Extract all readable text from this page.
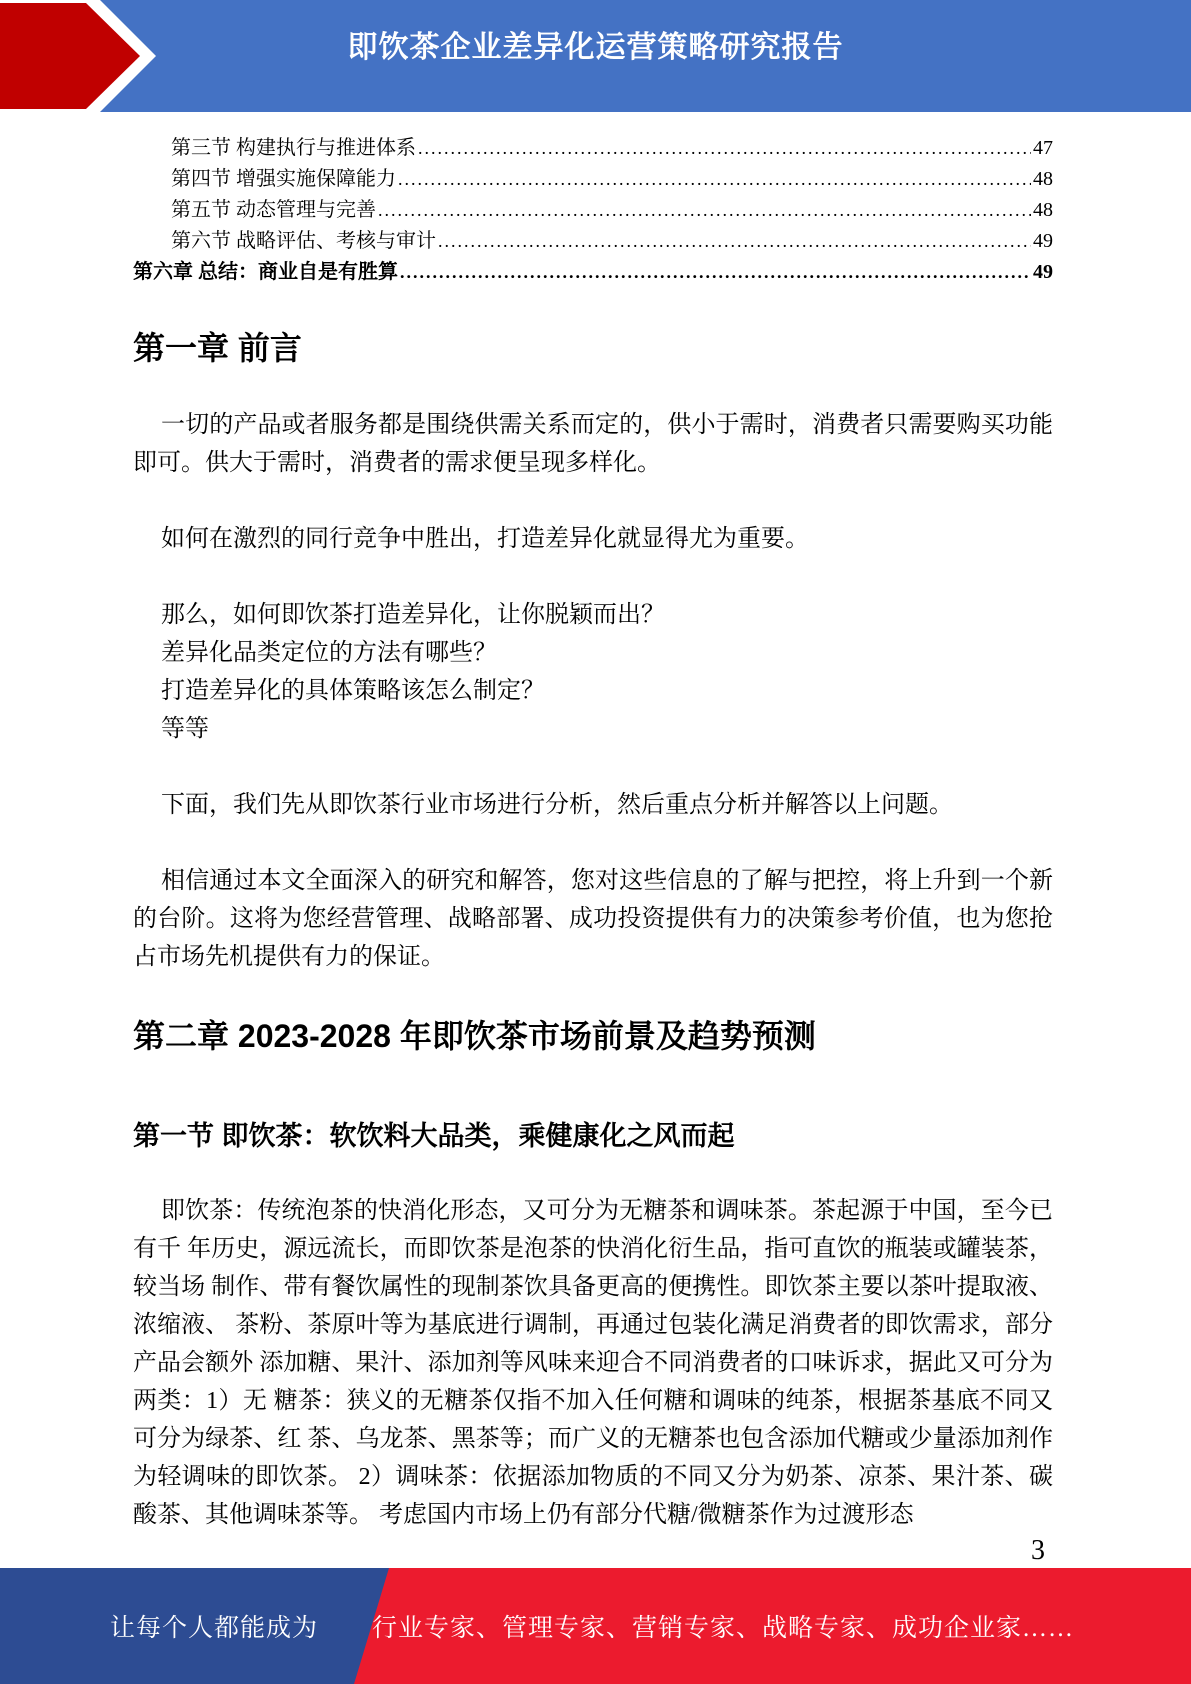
即饮茶企业差异化运营策略研究报告
第三节 构建执行与推进体系 .....	47
第四节 增强实施保障能力 .....	48
第五节 动态管理与完善 .....	48
第六节 战略评估、考核与审计 .....	49
第六章 总结：商业自是有胜算 .....	49
第一章 前言

一切的产品或者服务都是围绕供需关系而定的，供小于需时，消费者只需要购买功能即可。供大于需时，消费者的需求便呈现多样化。

如何在激烈的同行竞争中胜出，打造差异化就显得尤为重要。

那么，如何即饮茶打造差异化，让你脱颖而出？

差异化品类定位的方法有哪些？

打造差异化的具体策略该怎么制定？

等等

下面，我们先从即饮茶行业市场进行分析，然后重点分析并解答以上问题。

相信通过本文全面深入的研究和解答，您对这些信息的了解与把控，将上升到一个新的台阶。这将为您经营管理、战略部署、成功投资提供有力的决策参考价值，也为您抢占市场先机提供有力的保证。

第二章 2023-2028 年即饮茶市场前景及趋势预测
第一节 即饮茶：软饮料大品类，乘健康化之风而起

即饮茶：传统泡茶的快消化形态，又可分为无糖茶和调味茶。茶起源于中国，至今已有千 年历史，源远流长，而即饮茶是泡茶的快消化衍生品，指可直饮的瓶装或罐装茶，较当场 制作、带有餐饮属性的现制茶饮具备更高的便携性。即饮茶主要以茶叶提取液、浓缩液、 茶粉、茶原叶等为基底进行调制，再通过包装化满足消费者的即饮需求，部分产品会额外 添加糖、果汁、添加剂等风味来迎合不同消费者的口味诉求，据此又可分为两类：1）无 糖茶：狭义的无糖茶仅指不加入任何糖和调味的纯茶，根据茶基底不同又可分为绿茶、红 茶、乌龙茶、黑茶等；而广义的无糖茶也包含添加代糖或少量添加剂作为轻调味的即饮茶。 2）调味茶：依据添加物质的不同又分为奶茶、凉茶、果汁茶、碳酸茶、其他调味茶等。 考虑国内市场上仍有部分代糖/微糖茶作为过渡形态

3
让每个人都能成为 行业专家、管理专家、营销专家、战略专家、成功企业家……
